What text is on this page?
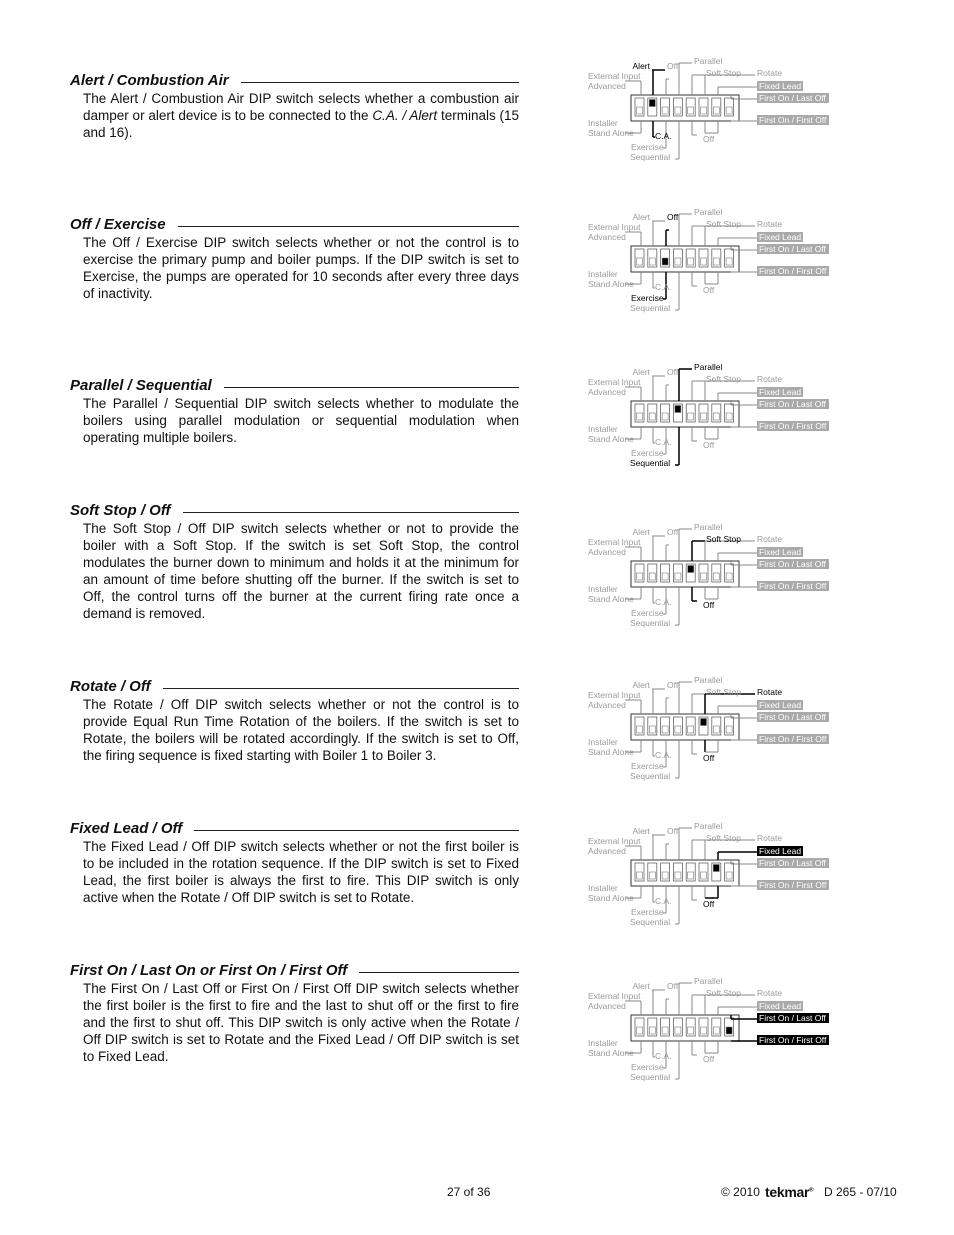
Alert / Combustion Air

The Alert / Combustion Air DIP switch selects whether a combustion air damper or alert device is to be connected to the C.A. / Alert terminals (15 and 16).

Off / Exercise

The Off / Exercise DIP switch selects whether or not the control is to exercise the primary pump and boiler pumps. If the DIP switch is set to Exercise, the pumps are operated for 10 seconds after every three days of inactivity.

Parallel / Sequential

The Parallel / Sequential DIP switch selects whether to modulate the boilers using parallel modulation or sequential modulation when operating multiple boilers.

Soft Stop / Off

The Soft Stop / Off DIP switch selects whether or not to provide the boiler with a Soft Stop. If the switch is set Soft Stop, the control modulates the burner down to minimum and holds it at the minimum for an amount of time before shutting off the burner. If the switch is set to Off, the control turns off the burner at the current firing rate once a demand is removed.

Rotate / Off

The Rotate / Off DIP switch selects whether or not the control is to provide Equal Run Time Rotation of the boilers. If the switch is set to Rotate, the boilers will be rotated accordingly. If the switch is set to Off, the firing sequence is fixed starting with Boiler 1 to Boiler 3.

Fixed Lead / Off

The Fixed Lead / Off DIP switch selects whether or not the first boiler is to be included in the rotation sequence. If the DIP switch is set to Fixed Lead, the first boiler is always the first to fire. This DIP switch is only active when the Rotate / Off DIP switch is set to Rotate.

First On / Last On or First On / First Off

The First On / Last Off or First On / First Off DIP switch selects whether the first boiler is the first to fire and the last to shut off or the first to fire and the first to shut off. This DIP switch is only active when the Rotate / Off DIP switch is set to Rotate and the Fixed Lead / Off DIP switch is set to Fixed Lead.

External Input
Advanced
Installer
Stand Alone
Alert
C.A.
Off
Exercise
Parallel
Sequential
Soft Stop
Off
Rotate
Fixed Lead
First On / Last Off
First On / First Off
External Input
Advanced
Installer
Stand Alone
Alert
C.A.
Off
Exercise
Parallel
Sequential
Soft Stop
Off
Rotate
Fixed Lead
First On / Last Off
First On / First Off
External Input
Advanced
Installer
Stand Alone
Alert
C.A.
Off
Exercise
Parallel
Sequential
Soft Stop
Off
Rotate
Fixed Lead
First On / Last Off
First On / First Off
External Input
Advanced
Installer
Stand Alone
Alert
C.A.
Off
Exercise
Parallel
Sequential
Soft Stop
Off
Rotate
Fixed Lead
First On / Last Off
First On / First Off
External Input
Advanced
Installer
Stand Alone
Alert
C.A.
Off
Exercise
Parallel
Sequential
Soft Stop
Off
Rotate
Fixed Lead
First On / Last Off
First On / First Off
External Input
Advanced
Installer
Stand Alone
Alert
C.A.
Off
Exercise
Parallel
Sequential
Soft Stop
Off
Rotate
Fixed Lead
First On / Last Off
First On / First Off
External Input
Advanced
Installer
Stand Alone
Alert
C.A.
Off
Exercise
Parallel
Sequential
Soft Stop
Off
Rotate
Fixed Lead
First On / Last Off
First On / First Off
27 of 36	© 2010 tekmar® D 265 - 07/10
